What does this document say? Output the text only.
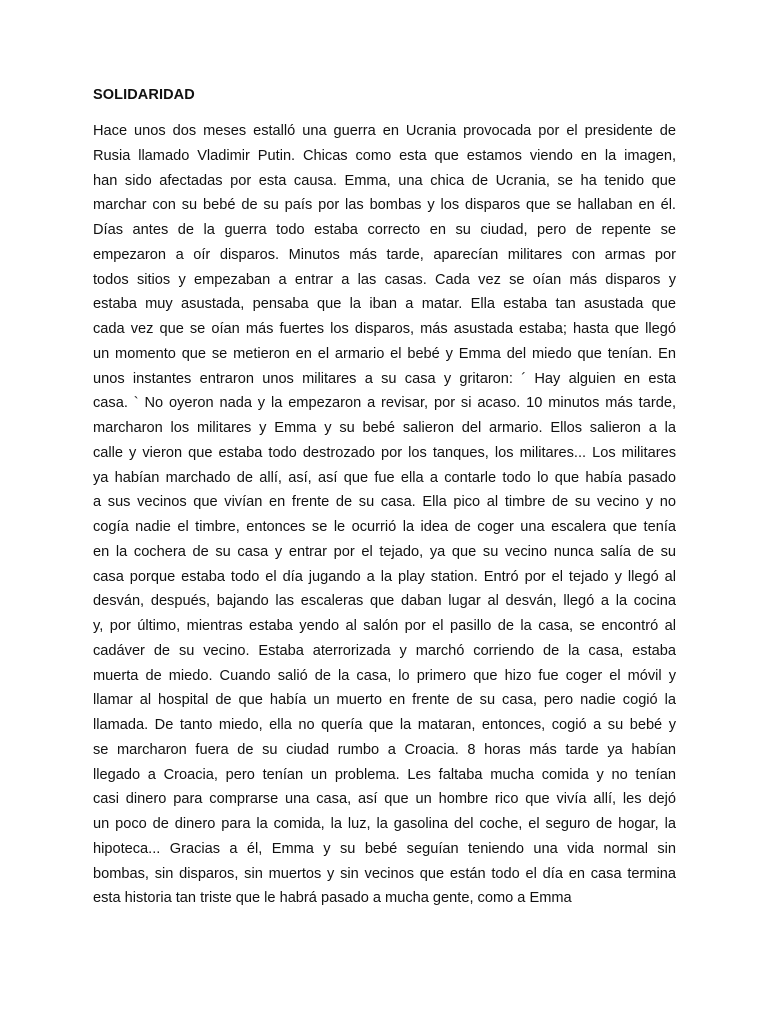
SOLIDARIDAD
Hace unos dos meses estalló una guerra en Ucrania provocada por el presidente de
Rusia llamado Vladimir Putin. Chicas como esta que estamos viendo en la imagen,
han sido afectadas por esta causa. Emma, una chica de Ucrania, se ha tenido que
marchar con su bebé de su país por las bombas y los disparos que se hallaban en él.
Días antes de la guerra todo estaba correcto en su ciudad, pero de repente se
empezaron a oír disparos. Minutos más tarde, aparecían militares con armas por
todos sitios y empezaban a entrar a las casas. Cada vez se oían más disparos y
estaba muy asustada, pensaba que la iban a matar. Ella estaba tan asustada que
cada vez que se oían más fuertes los disparos, más asustada estaba; hasta que llegó
un momento que se metieron en el armario el bebé y Emma del miedo que tenían. En
unos instantes entraron unos militares a su casa y gritaron: ´ Hay alguien en esta
casa. ` No oyeron nada y la empezaron a revisar, por si acaso. 10 minutos más tarde,
marcharon los militares y Emma y su bebé salieron del armario. Ellos salieron a la
calle y vieron que estaba todo destrozado por los tanques, los militares... Los militares
ya habían marchado de allí, así, así que fue ella a contarle todo lo que había pasado
a sus vecinos que vivían en frente de su casa. Ella pico al timbre de su vecino y no
cogía nadie el timbre, entonces se le ocurrió la idea de coger una escalera que tenía
en la cochera de su casa y entrar por el tejado, ya que su vecino nunca salía de su
casa porque estaba todo el día jugando a la play station. Entró por el tejado y llegó al
desván, después, bajando las escaleras que daban lugar al desván, llegó a la cocina
y, por último, mientras estaba yendo al salón por el pasillo de la casa, se encontró al
cadáver de su vecino. Estaba aterrorizada y marchó corriendo de la casa, estaba
muerta de miedo. Cuando salió de la casa, lo primero que hizo fue coger el móvil y
llamar al hospital de que había un muerto en frente de su casa, pero nadie cogió la
llamada. De tanto miedo, ella no quería que la mataran, entonces, cogió a su bebé y
se marcharon fuera de su ciudad rumbo a Croacia. 8 horas más tarde ya habían
llegado a Croacia, pero tenían un problema. Les faltaba mucha comida y no tenían
casi dinero para comprarse una casa, así que un hombre rico que vivía allí, les dejó
un poco de dinero para la comida, la luz, la gasolina del coche, el seguro de hogar, la
hipoteca... Gracias a él, Emma y su bebé seguían teniendo una vida normal sin
bombas, sin disparos, sin muertos y sin vecinos que están todo el día en casa termina
esta historia tan triste que le habrá pasado a mucha gente, como a Emma
